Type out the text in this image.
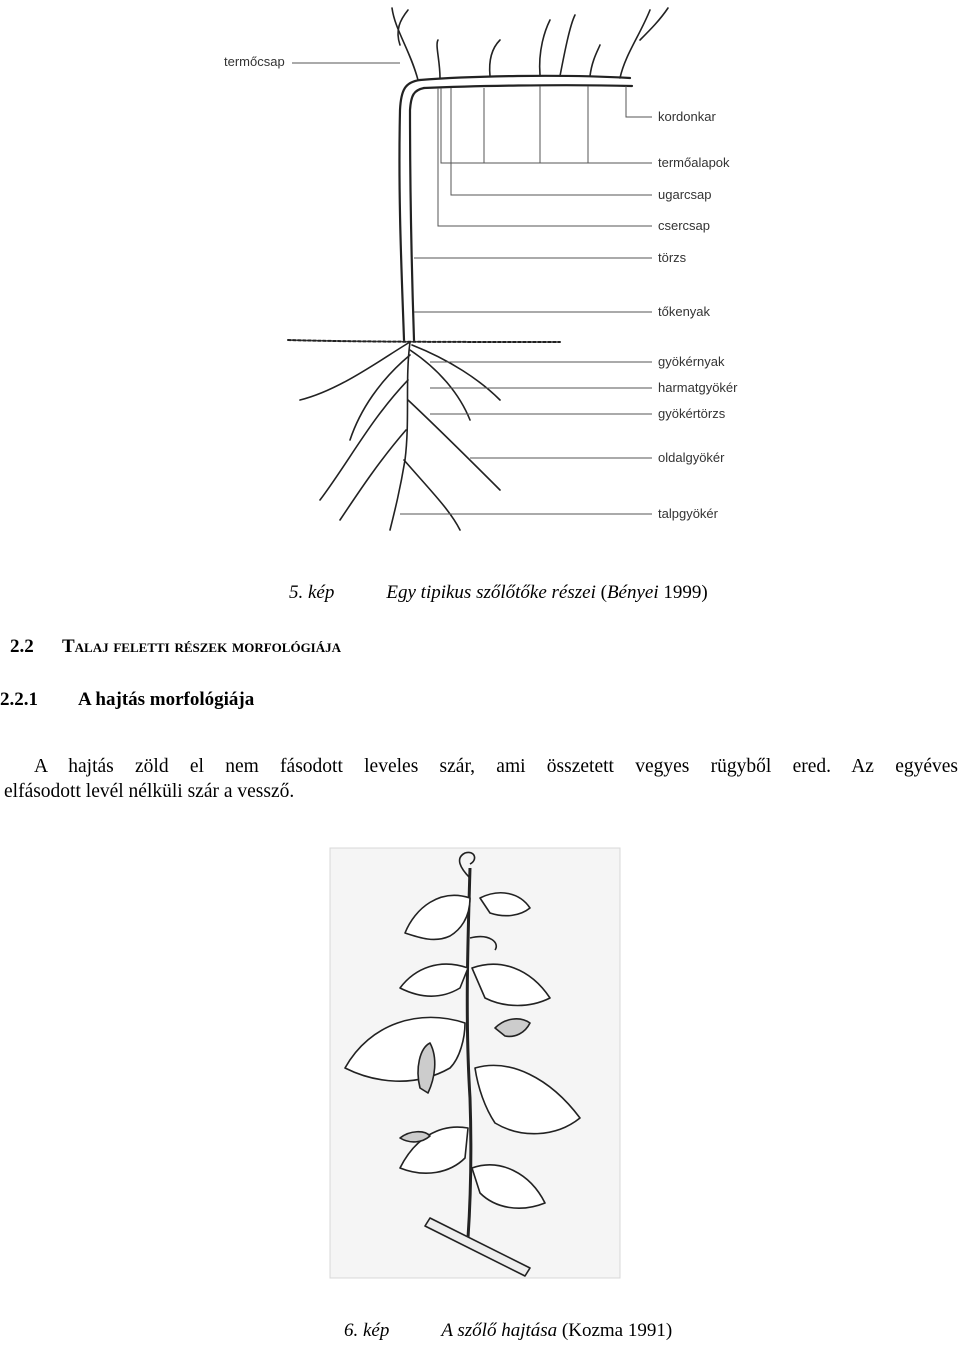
termőcsap
kordonkar
termőalapok
ugarcsap
csercsap
törzs
tőkenyak
gyökérnyak
harmatgyökér
gyökértörzs
oldalgyökér
talpgyökér
5. kép	Egy tipikus szőlőtőke részei (Bényei 1999)
2.2 Talaj feletti részek morfológiája
2.2.1 A hajtás morfológiája
A hajtás zöld el nem fásodott leveles szár, ami összetett vegyes rügyből ered. Az egyéves
elfásodott levél nélküli szár a vessző.
6. kép	A szőlő hajtása (Kozma 1991)
